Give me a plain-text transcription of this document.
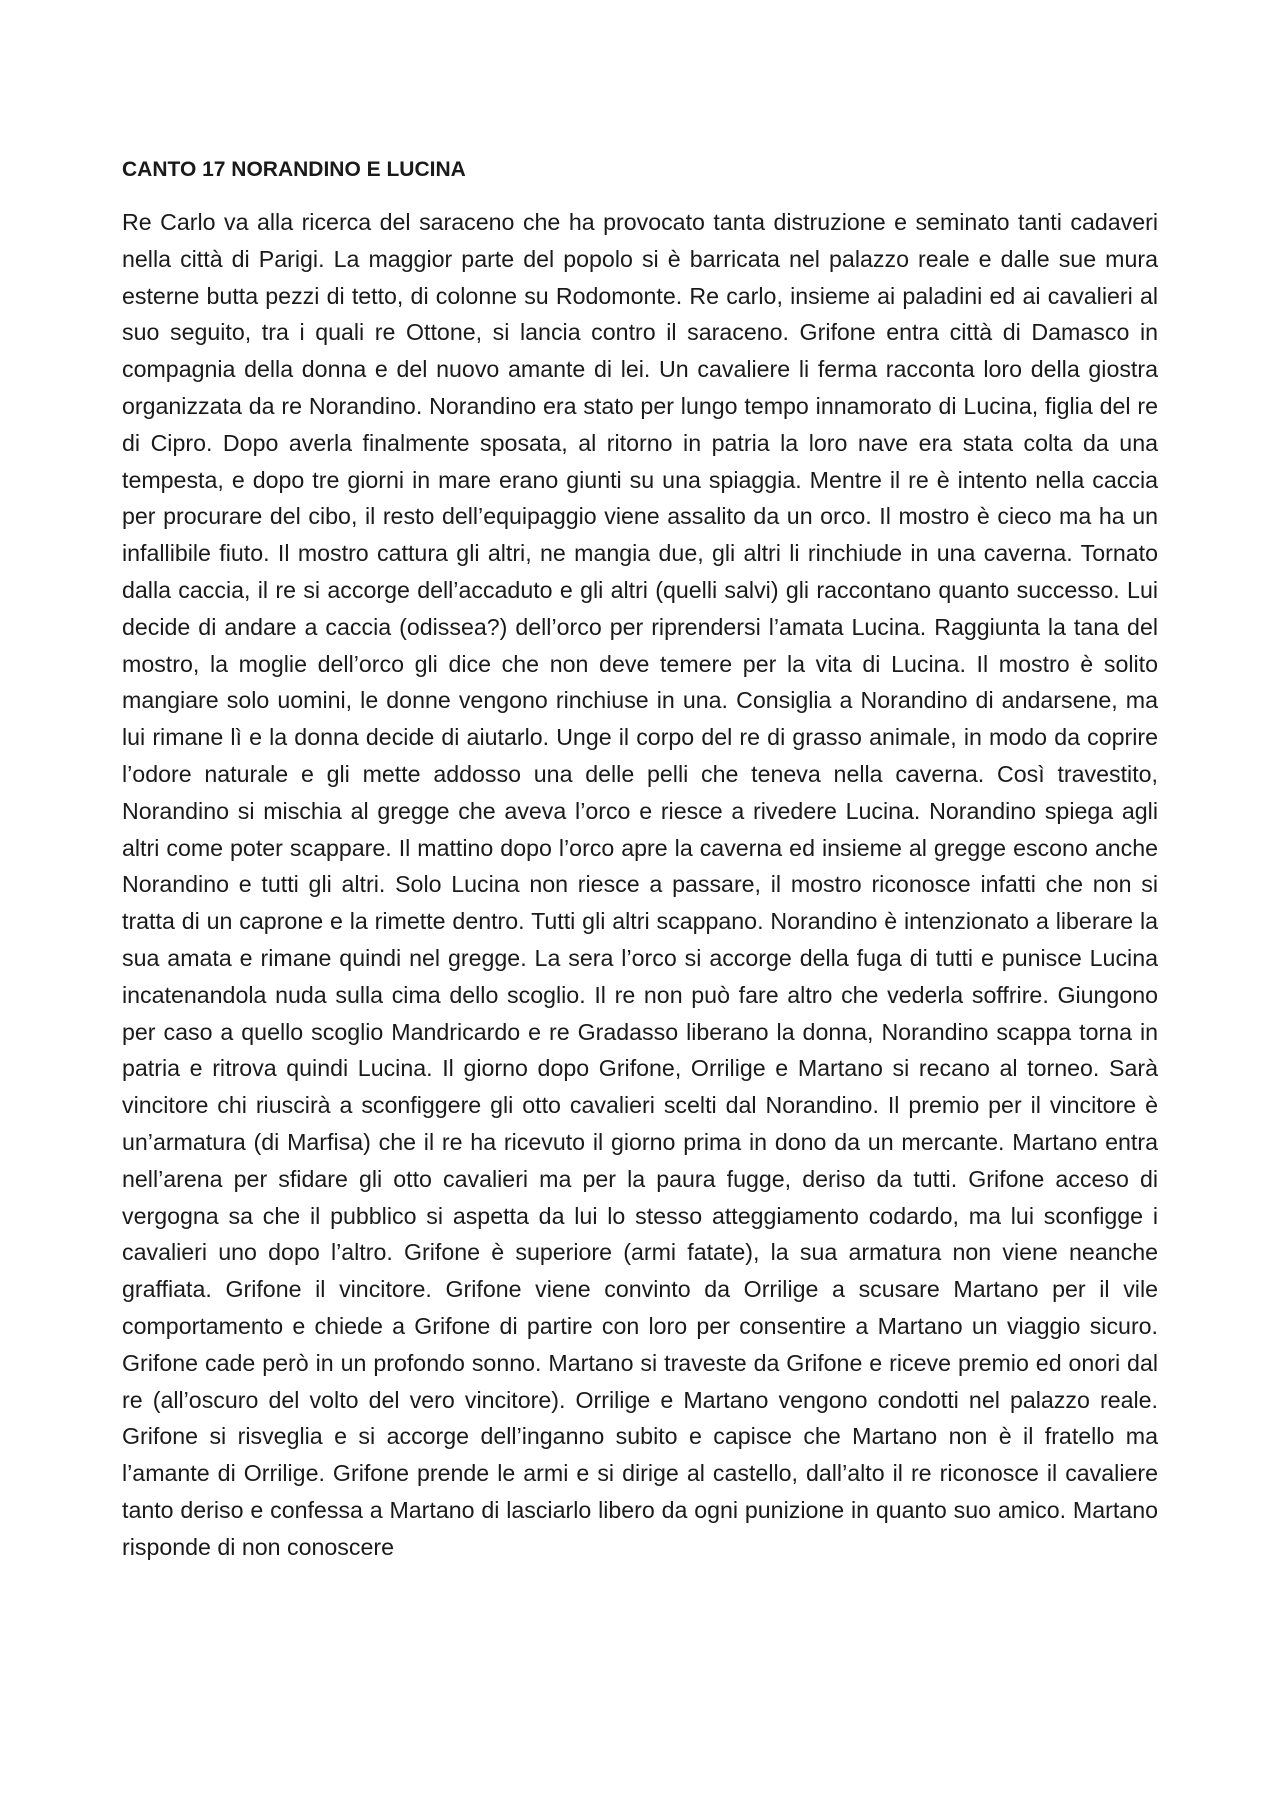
CANTO 17 NORANDINO E LUCINA

Re Carlo va alla ricerca del saraceno che ha provocato tanta distruzione e seminato tanti cadaveri nella città di Parigi. La maggior parte del popolo si è barricata nel palazzo reale e dalle sue mura esterne butta pezzi di tetto, di colonne su Rodomonte. Re carlo, insieme ai paladini ed ai cavalieri al suo seguito, tra i quali re Ottone, si lancia contro il saraceno. Grifone entra città di Damasco in compagnia della donna e del nuovo amante di lei. Un cavaliere li ferma racconta loro della giostra organizzata da re Norandino. Norandino era stato per lungo tempo innamorato di Lucina, figlia del re di Cipro. Dopo averla finalmente sposata, al ritorno in patria la loro nave era stata colta da una tempesta, e dopo tre giorni in mare erano giunti su una spiaggia. Mentre il re è intento nella caccia per procurare del cibo, il resto dell’equipaggio viene assalito da un orco. Il mostro è cieco ma ha un infallibile fiuto. Il mostro cattura gli altri, ne mangia due, gli altri li rinchiude in una caverna. Tornato dalla caccia, il re si accorge dell’accaduto e gli altri (quelli salvi) gli raccontano quanto successo. Lui decide di andare a caccia (odissea?) dell’orco per riprendersi l’amata Lucina. Raggiunta la tana del mostro, la moglie dell’orco gli dice che non deve temere per la vita di Lucina. Il mostro è solito mangiare solo uomini, le donne vengono rinchiuse in una. Consiglia a Norandino di andarsene, ma lui rimane lì e la donna decide di aiutarlo. Unge il corpo del re di grasso animale, in modo da coprire l’odore naturale e gli mette addosso una delle pelli che teneva nella caverna. Così travestito, Norandino si mischia al gregge che aveva l’orco e riesce a rivedere Lucina. Norandino spiega agli altri come poter scappare. Il mattino dopo l’orco apre la caverna ed insieme al gregge escono anche Norandino e tutti gli altri. Solo Lucina non riesce a passare, il mostro riconosce infatti che non si tratta di un caprone e la rimette dentro. Tutti gli altri scappano. Norandino è intenzionato a liberare la sua amata e rimane quindi nel gregge. La sera l’orco si accorge della fuga di tutti e punisce Lucina incatenandola nuda sulla cima dello scoglio. Il re non può fare altro che vederla soffrire. Giungono per caso a quello scoglio Mandricardo e re Gradasso liberano la donna, Norandino scappa torna in patria e ritrova quindi Lucina. Il giorno dopo Grifone, Orrilige e Martano si recano al torneo. Sarà vincitore chi riuscirà a sconfiggere gli otto cavalieri scelti dal Norandino. Il premio per il vincitore è un’armatura (di Marfisa) che il re ha ricevuto il giorno prima in dono da un mercante. Martano entra nell’arena per sfidare gli otto cavalieri ma per la paura fugge, deriso da tutti. Grifone acceso di vergogna sa che il pubblico si aspetta da lui lo stesso atteggiamento codardo, ma lui sconfigge i cavalieri uno dopo l’altro. Grifone è superiore (armi fatate), la sua armatura non viene neanche graffiata. Grifone il vincitore. Grifone viene convinto da Orrilige a scusare Martano per il vile comportamento e chiede a Grifone di partire con loro per consentire a Martano un viaggio sicuro. Grifone cade però in un profondo sonno. Martano si traveste da Grifone e riceve premio ed onori dal re (all’oscuro del volto del vero vincitore). Orrilige e Martano vengono condotti nel palazzo reale. Grifone si risveglia e si accorge dell’inganno subito e capisce che Martano non è il fratello ma l’amante di Orrilige. Grifone prende le armi e si dirige al castello, dall’alto il re riconosce il cavaliere tanto deriso e confessa a Martano di lasciarlo libero da ogni punizione in quanto suo amico. Martano risponde di non conoscere
